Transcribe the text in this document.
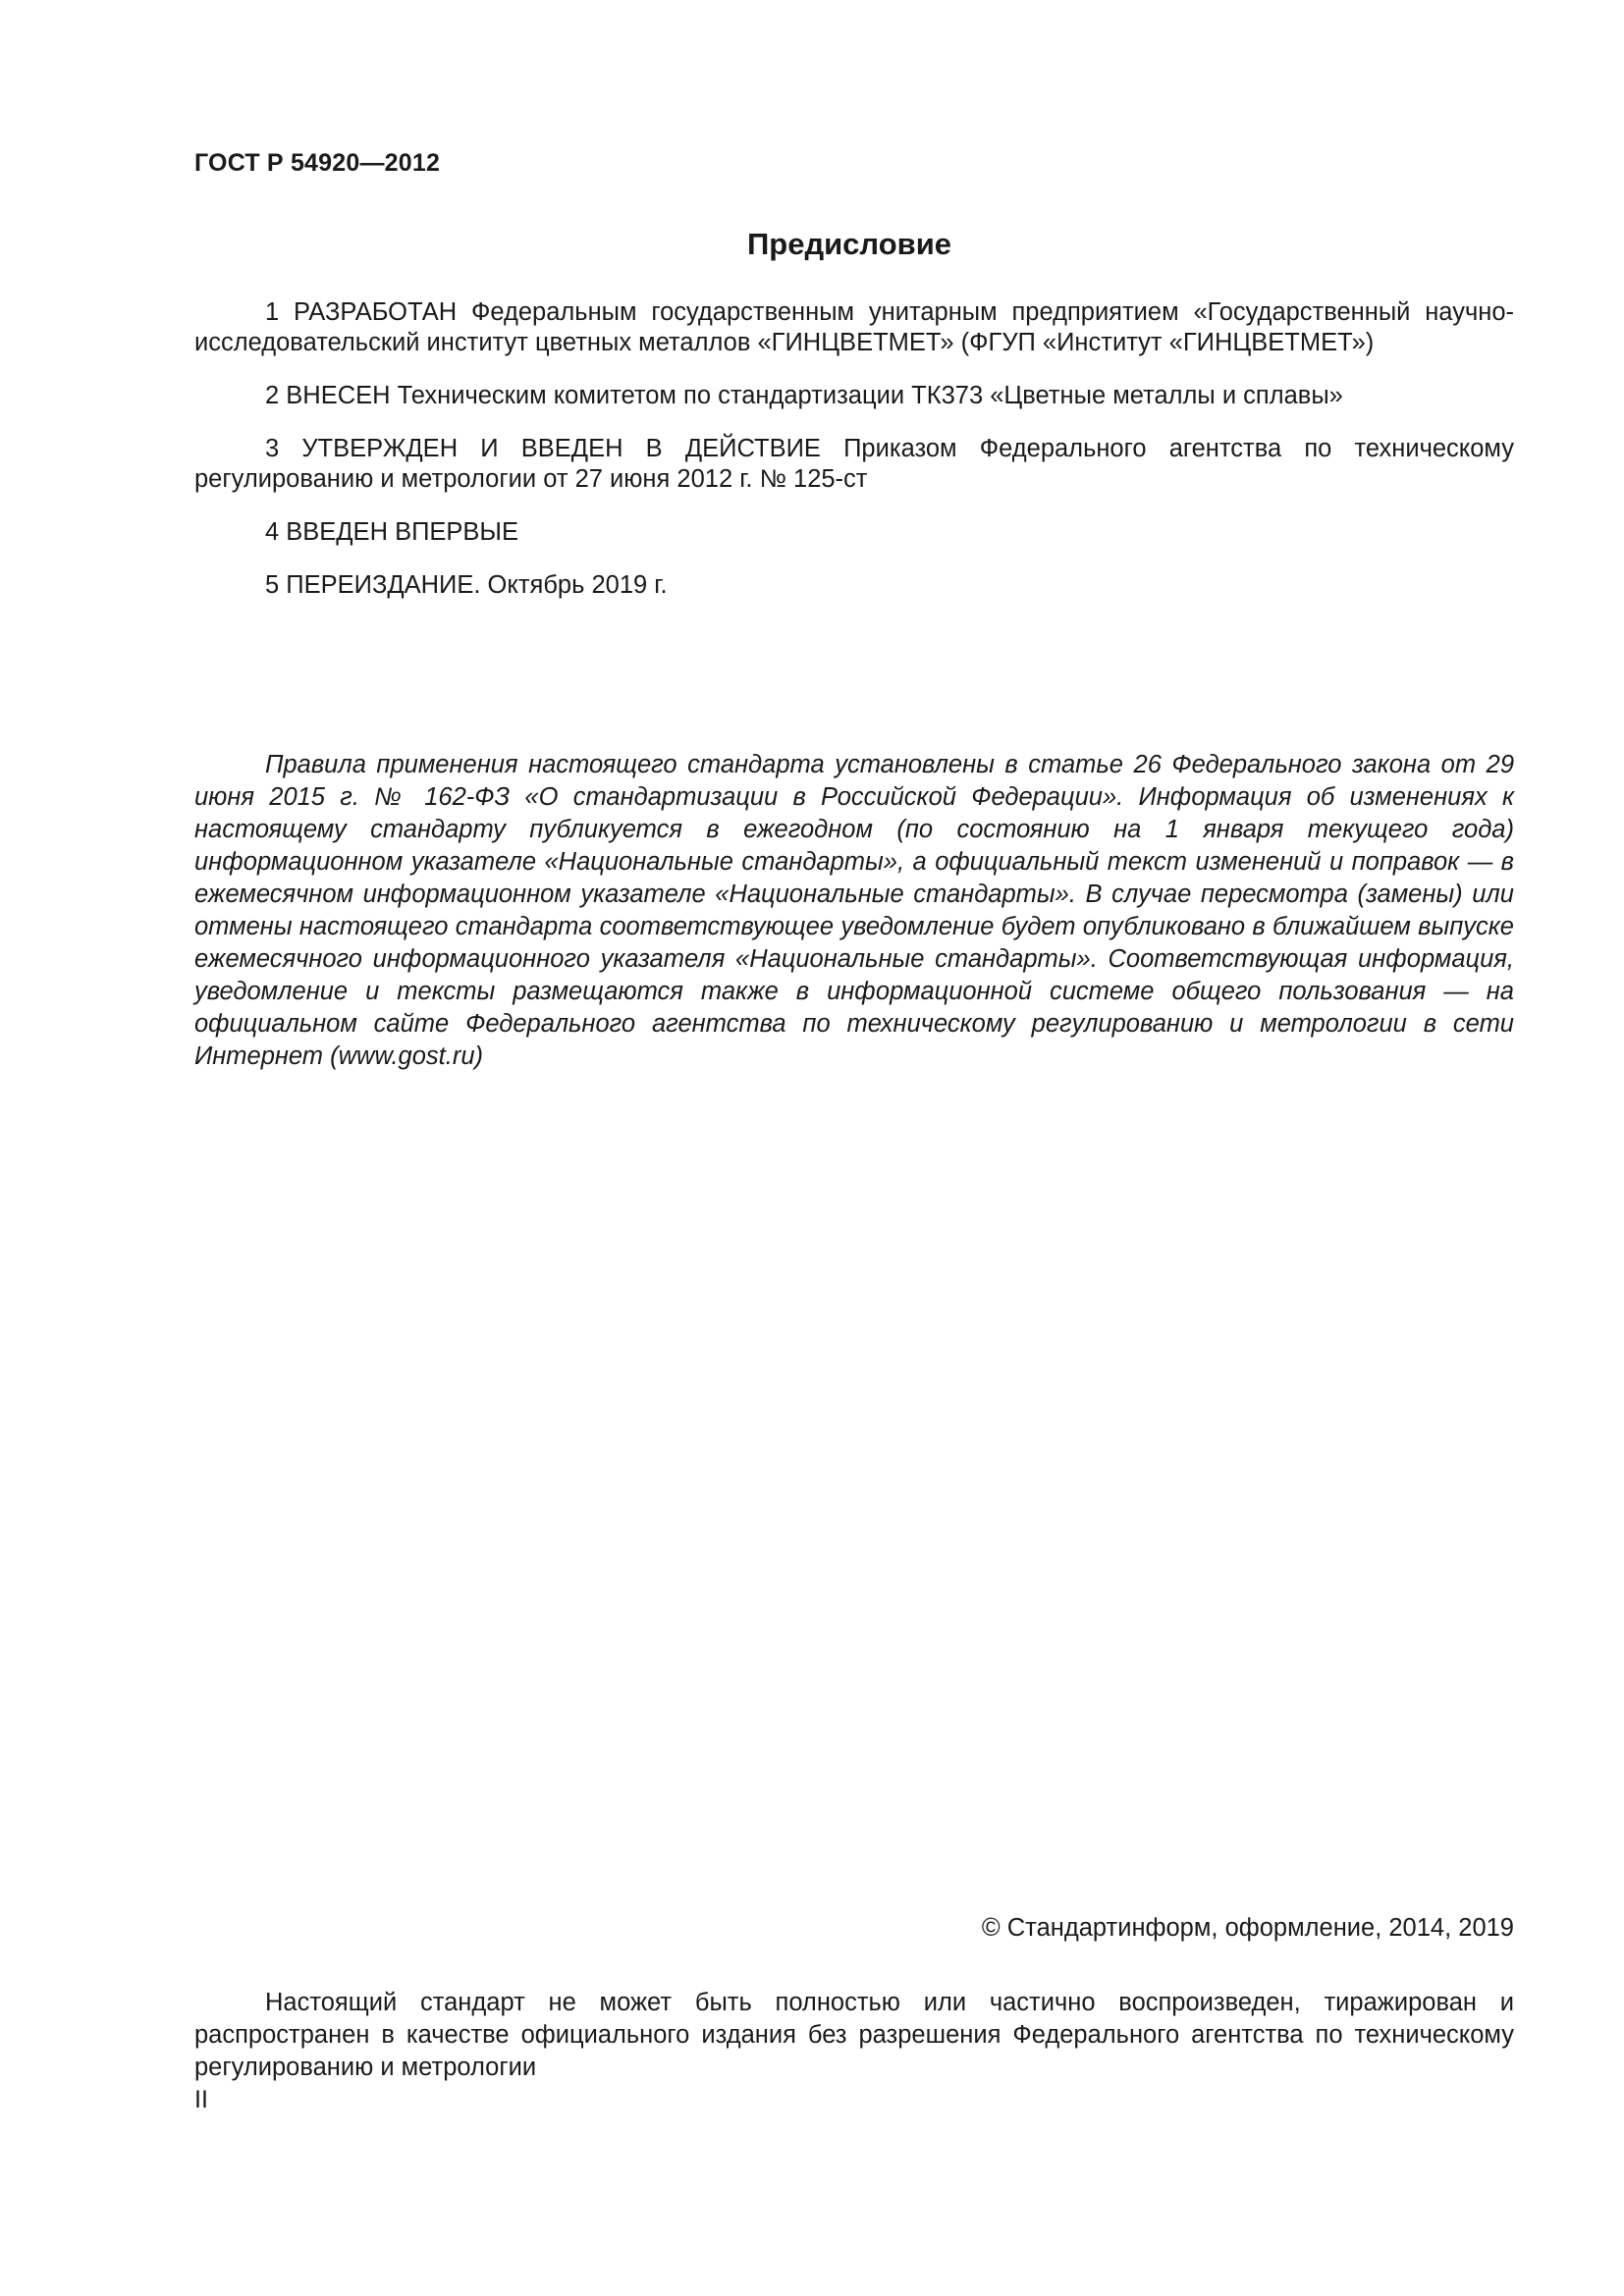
ГОСТ Р 54920—2012
Предисловие

1 РАЗРАБОТАН Федеральным государственным унитарным предприятием «Государственный научно-исследовательский институт цветных металлов «ГИНЦВЕТМЕТ» (ФГУП «Институт «ГИНЦВЕТМЕТ»)

2 ВНЕСЕН Техническим комитетом по стандартизации ТК373 «Цветные металлы и сплавы»

3 УТВЕРЖДЕН И ВВЕДЕН В ДЕЙСТВИЕ Приказом Федерального агентства по техническому регулированию и метрологии от 27 июня 2012 г. № 125-ст

4 ВВЕДЕН ВПЕРВЫЕ

5 ПЕРЕИЗДАНИЕ. Октябрь 2019 г.

Правила применения настоящего стандарта установлены в статье 26 Федерального закона от 29 июня 2015 г. № 162-ФЗ «О стандартизации в Российской Федерации». Информация об изменениях к настоящему стандарту публикуется в ежегодном (по состоянию на 1 января текущего года) информационном указателе «Национальные стандарты», а официальный текст изменений и поправок — в ежемесячном информационном указателе «Национальные стандарты». В случае пересмотра (замены) или отмены настоящего стандарта соответствующее уведомление будет опубликовано в ближайшем выпуске ежемесячного информационного указателя «Национальные стандарты». Соответствующая информация, уведомление и тексты размещаются также в информационной системе общего пользования — на официальном сайте Федерального агентства по техническому регулированию и метрологии в сети Интернет (www.gost.ru)

© Стандартинформ, оформление, 2014, 2019

Настоящий стандарт не может быть полностью или частично воспроизведен, тиражирован и распространен в качестве официального издания без разрешения Федерального агентства по техническому регулированию и метрологии

II
